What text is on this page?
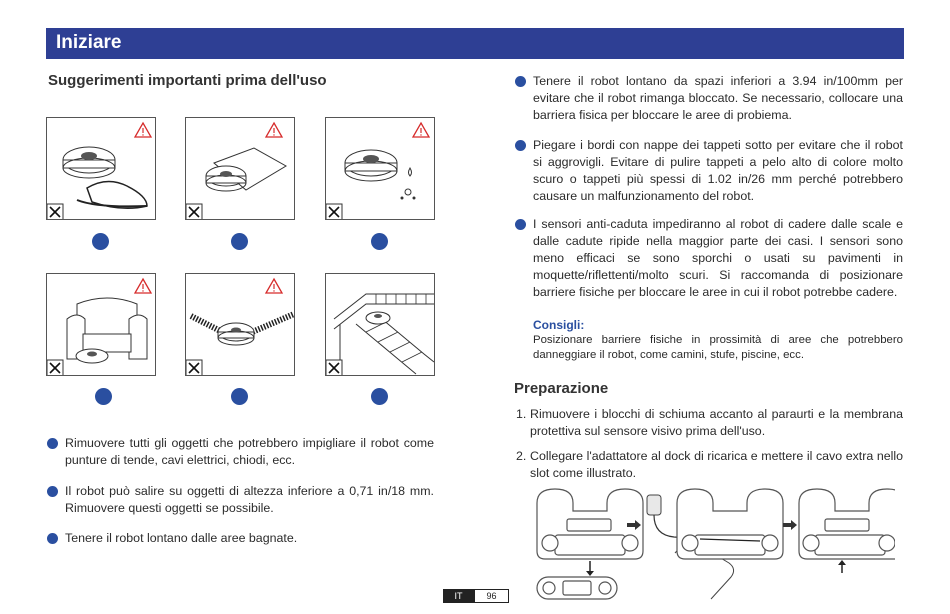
Iniziare
Suggerimenti importanti prima dell'uso
Rimuovere tutti gli oggetti che potrebbero impigliare il robot come punture di tende, cavi elettrici, chiodi, ecc.
Il robot può salire su oggetti di altezza inferiore a 0,71 in/18 mm. Rimuovere questi oggetti se possibile.
Tenere il robot lontano dalle aree bagnate.
Tenere il robot lontano da spazi inferiori a 3.94 in/100mm per evitare che il robot rimanga bloccato. Se necessario, collocare una barriera fisica per bloccare le aree di probiema.
Piegare i bordi con nappe dei tappeti sotto per evitare che il robot si aggrovigli. Evitare di pulire tappeti a pelo alto di colore molto scuro o tappeti più spessi di 1.02 in/26 mm perché potrebbero causare un malfunzionamento del robot.
I sensori anti-caduta impediranno al robot di cadere dalle scale e dalle cadute ripide nella maggior parte dei casi. I sensori sono meno efficaci se sono sporchi o usati su pavimenti in moquette/riflettenti/molto scuri. Si raccomanda di posizionare barriere fisiche per bloccare le aree in cui il robot potrebbe cadere.
Consigli:
Posizionare barriere fisiche in prossimità di aree che potrebbero danneggiare il robot, come camini, stufe, piscine, ecc.
Preparazione
1. Rimuovere i blocchi di schiuma accanto al paraurti e la membrana protettiva sul sensore visivo prima dell'uso.
2. Collegare l'adattatore al dock di ricarica e mettere il cavo extra nello slot come illustrato.
IT	96
